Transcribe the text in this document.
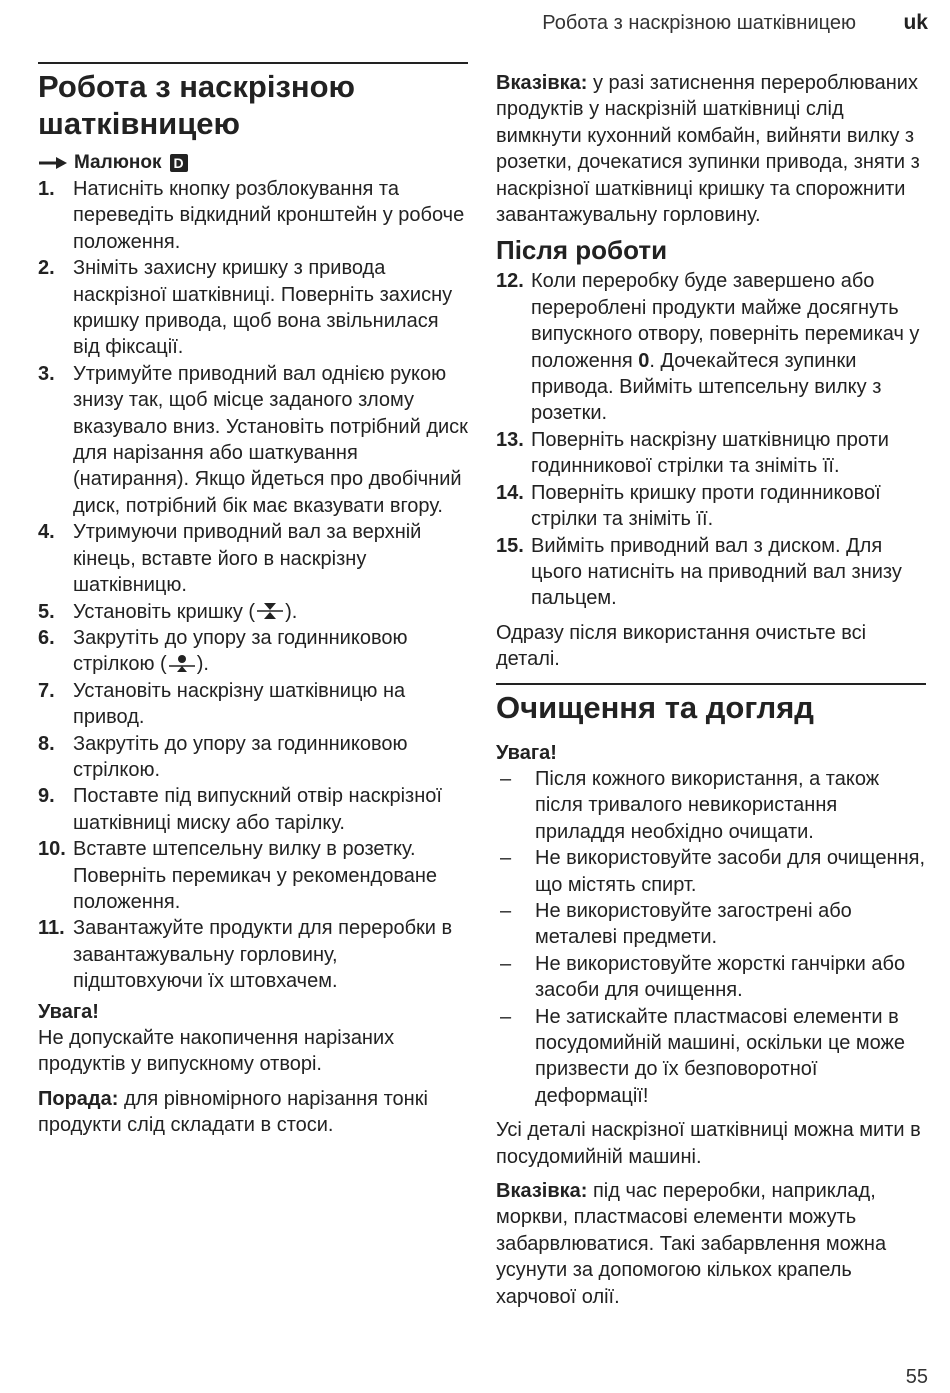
Робота з наскрізною шатківницею uk
Робота з наскрізною шатківницею
Малюнок D
1. Натисніть кнопку розблокування та переведіть відкидний кронштейн у робоче положення.
2. Зніміть захисну кришку з привода наскрізної шатківниці. Поверніть захисну кришку привода, щоб вона звільнилася від фіксації.
3. Утримуйте приводний вал однією рукою знизу так, щоб місце заданого злому вказувало вниз. Установіть потрібний диск для нарізання або шаткування (натирання). Якщо йдеться про двобічний диск, потрібний бік має вказувати вгору.
4. Утримуючи приводний вал за верхній кінець, вставте його в наскрізну шатківницю.
5. Установіть кришку ( ).
6. Закрутіть до упору за годинниковою стрілкою ( ).
7. Установіть наскрізну шатківницю на привод.
8. Закрутіть до упору за годинниковою стрілкою.
9. Поставте під випускний отвір наскрізної шатківниці миску або тарілку.
10. Вставте штепсельну вилку в розетку. Поверніть перемикач у рекомендоване положення.
11. Завантажуйте продукти для переробки в завантажувальну горловину, підштовхуючи їх штовхачем.

Увага!

Не допускайте накопичення нарізаних продуктів у випускному отворі.

Порада: для рівномірного нарізання тонкі продукти слід складати в стоси.

Вказівка: у разі затиснення перероблюваних продуктів у наскрізній шатківниці слід вимкнути кухонний комбайн, вийняти вилку з розетки, дочекатися зупинки привода, зняти з наскрізної шатківниці кришку та спорожнити завантажувальну горловину.

Після роботи
12. Коли переробку буде завершено або перероблені продукти майже досягнуть випускного отвору, поверніть перемикач у положення 0. Дочекайтеся зупинки привода. Вийміть штепсельну вилку з розетки.
13. Поверніть наскрізну шатківницю проти годинникової стрілки та зніміть її.
14. Поверніть кришку проти годинникової стрілки та зніміть її.
15. Вийміть приводний вал з диском. Для цього натисніть на приводний вал знизу пальцем.

Одразу після використання очистьте всі деталі.

Очищення та догляд

Увага!

–	Після кожного використання, а також після тривалого невикористання приладдя необхідно очищати.
–	Не використовуйте засоби для очищення, що містять спирт.
–	Не використовуйте загострені або металеві предмети.
–	Не використовуйте жорсткі ганчірки або засоби для очищення.
–	Не затискайте пластмасові елементи в посудомийній машині, оскільки це може призвести до їх безповоротної деформації!

Усі деталі наскрізної шатківниці можна мити в посудомийній машині.

Вказівка: під час переробки, наприклад, моркви, пластмасові елементи можуть забарвлюватися. Такі забарвлення можна усунути за допомогою кількох крапель харчової олії.

55
